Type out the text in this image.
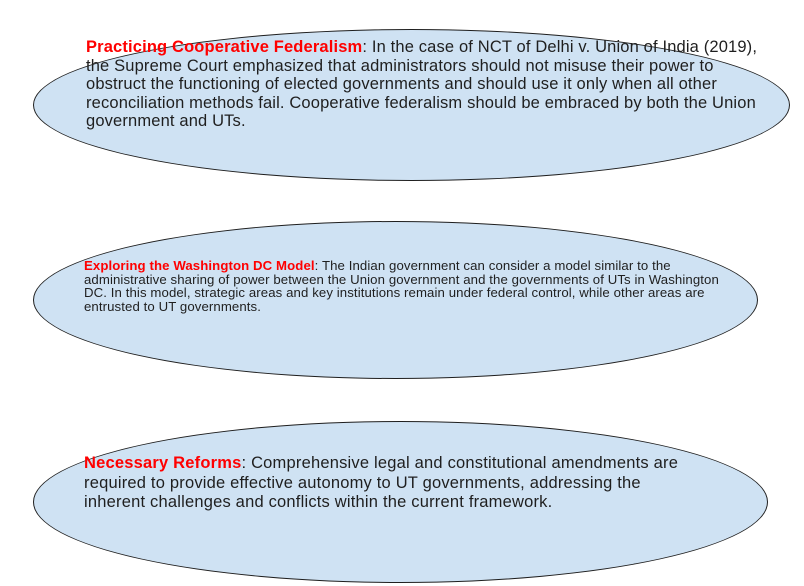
Practicing Cooperative Federalism: In the case of NCT of Delhi v. Union of India (2019), the Supreme Court emphasized that administrators should not misuse their power to obstruct the functioning of elected governments and should use it only when all other reconciliation methods fail. Cooperative federalism should be embraced by both the Union government and UTs.

Exploring the Washington DC Model: The Indian government can consider a model similar to the administrative sharing of power between the Union government and the governments of UTs in Washington DC. In this model, strategic areas and key institutions remain under federal control, while other areas are entrusted to UT governments.

Necessary Reforms: Comprehensive legal and constitutional amendments are required to provide effective autonomy to UT governments, addressing the inherent challenges and conflicts within the current framework.
